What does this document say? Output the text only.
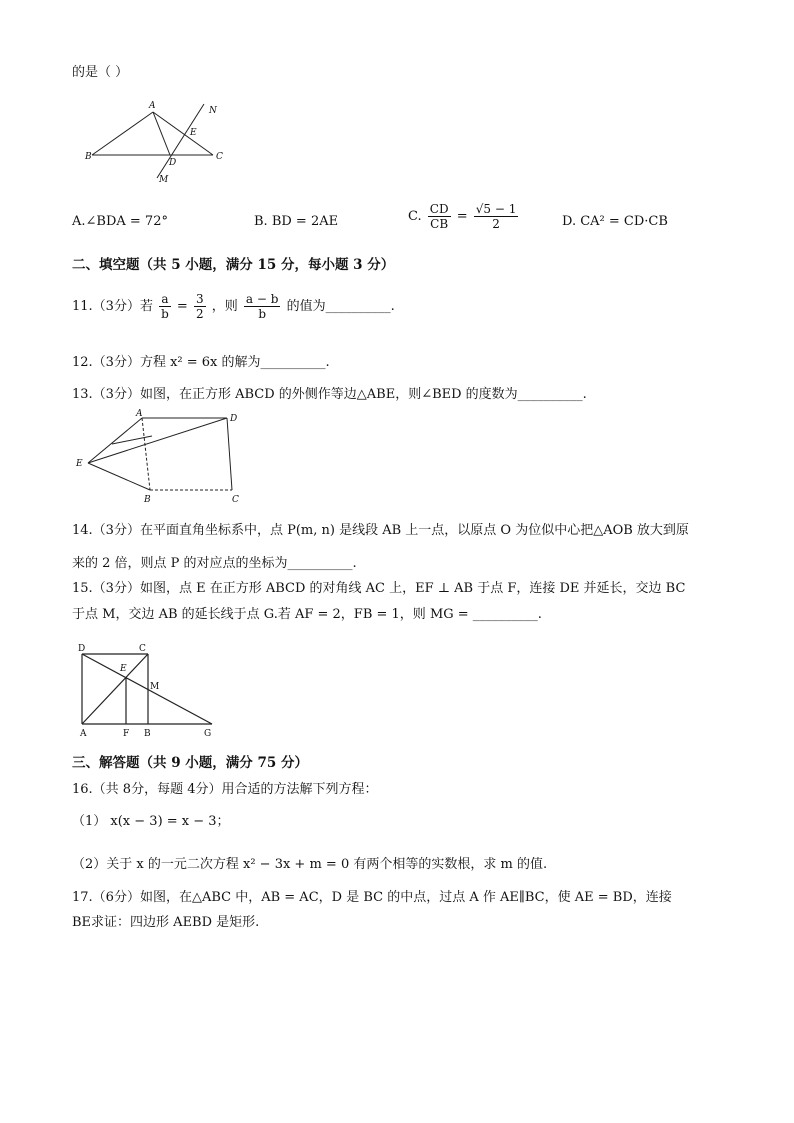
的是（ ）
A
B	C
D
E
M
N
A.∠BDA = 72°	B. BD = 2AE	C. $\frac{CD}{CB} = \frac{√5 - 1}{2}$	D. CA² = CD·CB
二、填空题（共 5 小题，满分 15 分，每小题 3 分）
11.（3分）若 $\frac{a}{b} = \frac{3}{2}$ ，则 $\frac{a - b}{b}$ 的值为__________.
12.（3分）方程 x² = 6x 的解为__________.
13.（3分）如图，在正方形 ABCD 的外侧作等边△ABE，则∠BED 的度数为__________.
A
E
B
D
C
14.（3分）在平面直角坐标系中，点 P(m, n) 是线段 AB 上一点，以原点 O 为位似中心把△AOB 放大到原
来的 2 倍，则点 P 的对应点的坐标为__________.
15.（3分）如图，点 E 在正方形 ABCD 的对角线 AC 上，EF ⊥ AB 于点 F，连接 DE 并延长，交边 BC
于点 M，交边 AB 的延长线于点 G.若 AF = 2，FB = 1，则 MG = __________.
D	C
E
M
A	F B	G
三、解答题（共 9 小题，满分 75 分）
16.（共 8分，每题 4分）用合适的方法解下列方程：
（1） x(x − 3) = x − 3；
（2）关于 x 的一元二次方程 x² − 3x + m = 0 有两个相等的实数根，求 m 的值.
17.（6分）如图，在△ABC 中，AB = AC，D 是 BC 的中点，过点 A 作 AE∥BC，使 AE = BD，连接
BE求证：四边形 AEBD 是矩形.
